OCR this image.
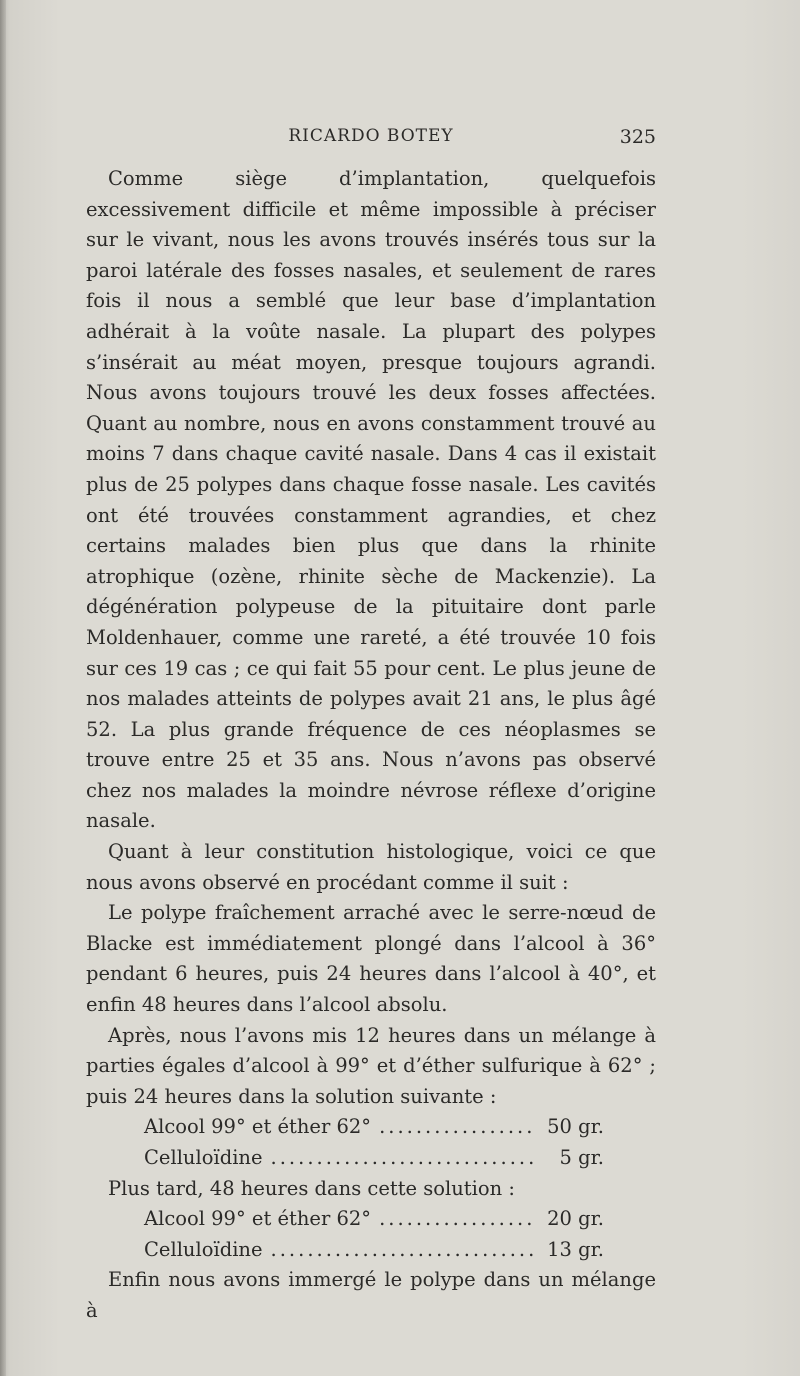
RICARDO BOTEY	325

Comme siège d’implantation, quelquefois excessivement difficile et même impossible à préciser sur le vivant, nous les avons trouvés insérés tous sur la paroi latérale des fosses nasales, et seulement de rares fois il nous a semblé que leur base d’implantation adhérait à la voûte nasale. La plupart des polypes s’insérait au méat moyen, presque toujours agrandi. Nous avons toujours trouvé les deux fosses affectées. Quant au nombre, nous en avons constamment trouvé au moins 7 dans chaque cavité nasale. Dans 4 cas il existait plus de 25 polypes dans chaque fosse nasale. Les cavités ont été trouvées constamment agrandies, et chez certains malades bien plus que dans la rhinite atrophique (ozène, rhinite sèche de Mackenzie). La dégénération polypeuse de la pituitaire dont parle Moldenhauer, comme une rareté, a été trouvée 10 fois sur ces 19 cas ; ce qui fait 55 pour cent. Le plus jeune de nos malades atteints de polypes avait 21 ans, le plus âgé 52. La plus grande fréquence de ces néoplasmes se trouve entre 25 et 35 ans. Nous n’avons pas observé chez nos malades la moindre névrose réflexe d’origine nasale.

Quant à leur constitution histologique, voici ce que nous avons observé en procédant comme il suit :

Le polype fraîchement arraché avec le serre-nœud de Blacke est immédiatement plongé dans l’alcool à 36° pendant 6 heures, puis 24 heures dans l’alcool à 40°, et enfin 48 heures dans l’alcool absolu.

Après, nous l’avons mis 12 heures dans un mélange à parties égales d’alcool à 99° et d’éther sulfurique à 62° ; puis 24 heures dans la solution suivante :

Alcool 99° et éther 62° .....	50 gr.
Celluloïdine .....	5 gr.

Plus tard, 48 heures dans cette solution :

Alcool 99° et éther 62° .....	20 gr.
Celluloïdine .....	13 gr.

Enfin nous avons immergé le polype dans un mélange à
